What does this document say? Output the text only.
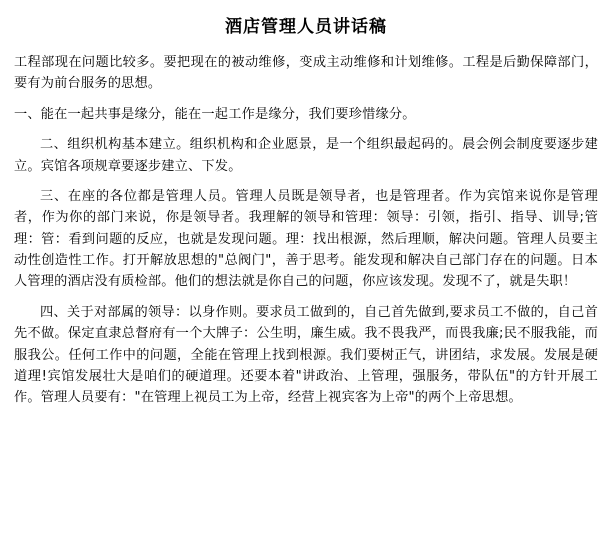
酒店管理人员讲话稿

工程部现在问题比较多。要把现在的被动维修，变成主动维修和计划维修。工程是后勤保障部门，要有为前台服务的思想。

一、能在一起共事是缘分，能在一起工作是缘分，我们要珍惜缘分。

二、组织机构基本建立。组织机构和企业愿景，是一个组织最起码的。晨会例会制度要逐步建立。宾馆各项规章要逐步建立、下发。

三、在座的各位都是管理人员。管理人员既是领导者，也是管理者。作为宾馆来说你是管理者，作为你的部门来说，你是领导者。我理解的领导和管理：领导：引领，指引、指导、训导;管理：管：看到问题的反应，也就是发现问题。理：找出根源，然后理顺，解决问题。管理人员要主动性创造性工作。打开解放思想的"总阀门"，善于思考。能发现和解决自己部门存在的问题。日本人管理的酒店没有质检部。他们的想法就是你自己的问题，你应该发现。发现不了，就是失职！

四、关于对部属的领导：以身作则。要求员工做到的，自己首先做到,要求员工不做的，自己首先不做。保定直隶总督府有一个大牌子：公生明，廉生威。我不畏我严，而畏我廉;民不服我能，而服我公。任何工作中的问题，全能在管理上找到根源。我们要树正气，讲团结，求发展。发展是硬道理!宾馆发展壮大是咱们的硬道理。还要本着"讲政治、上管理，强服务，带队伍"的方针开展工作。管理人员要有："在管理上视员工为上帝，经营上视宾客为上帝"的两个上帝思想。
